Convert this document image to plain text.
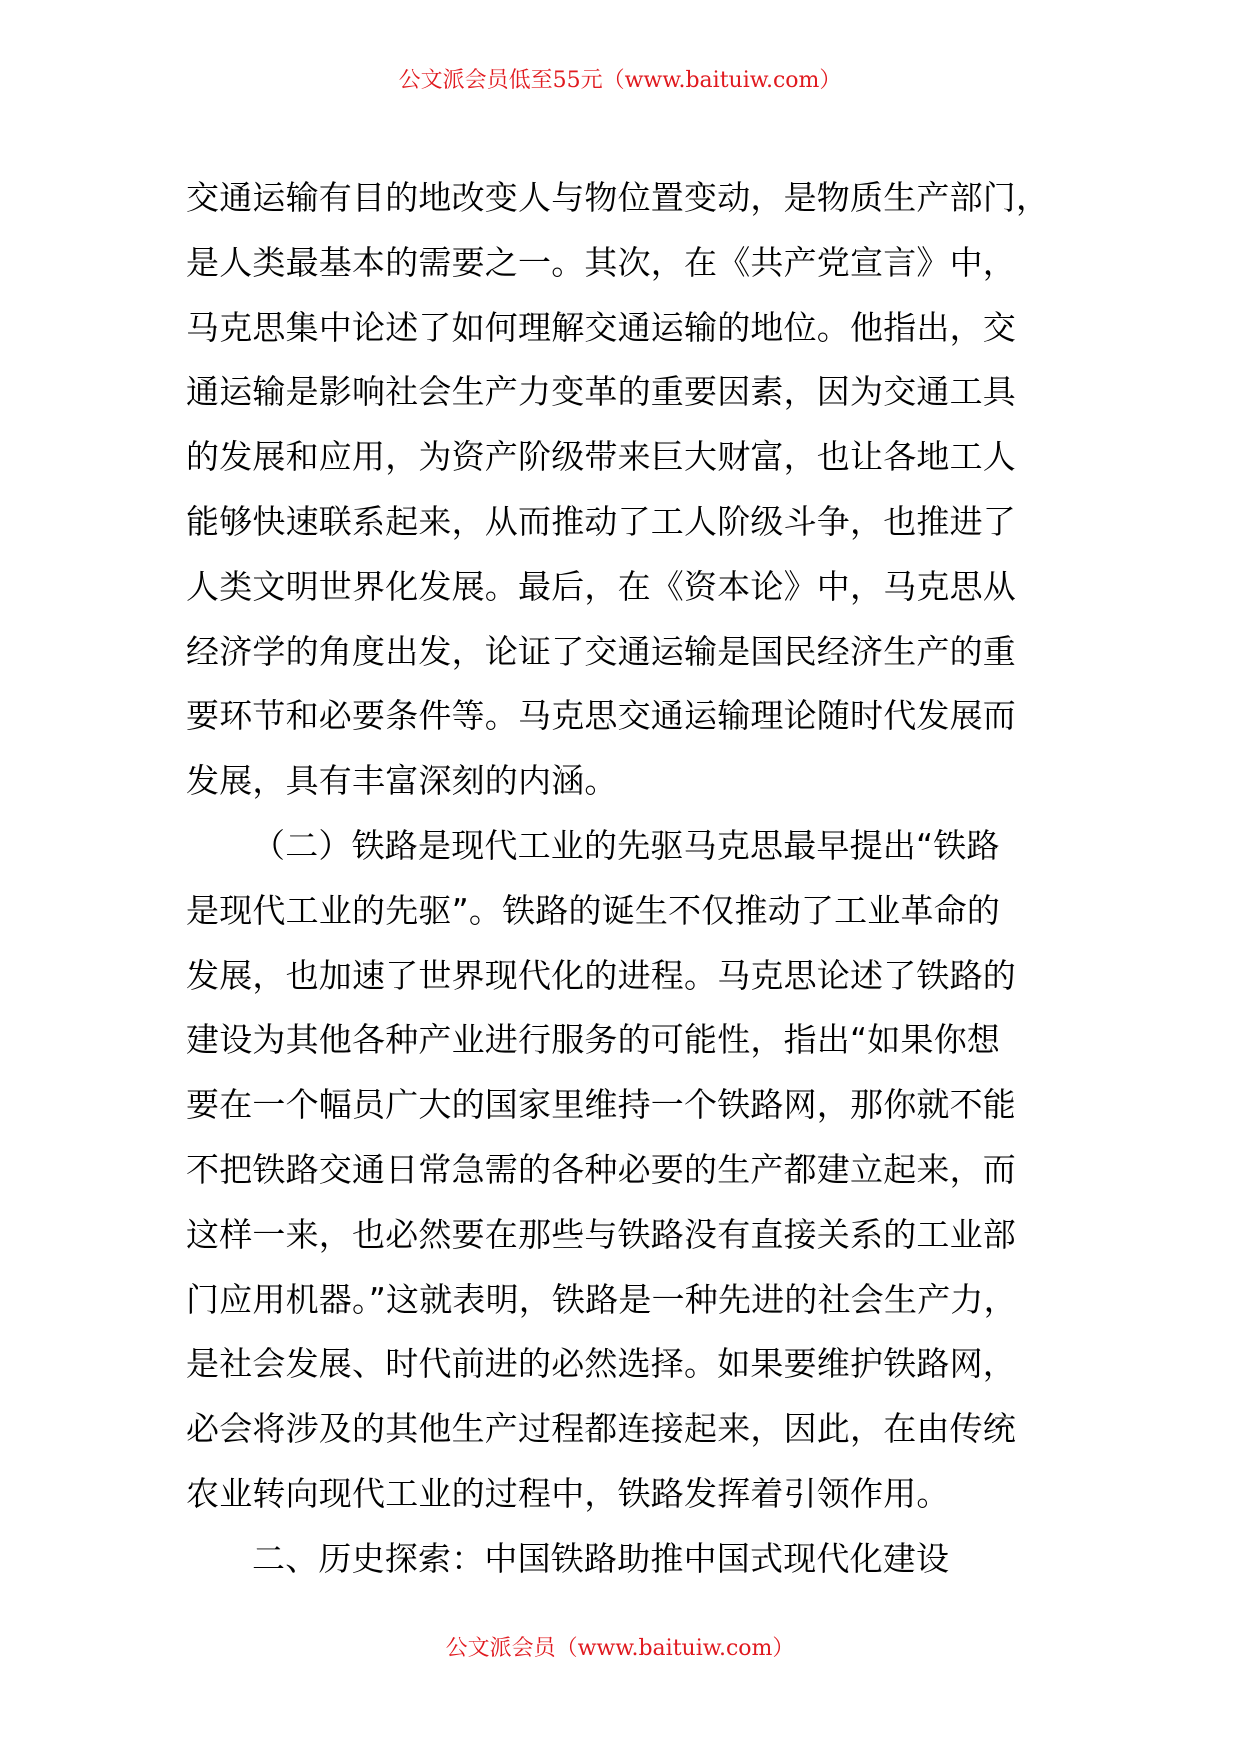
公文派会员低至55元（www.baituiw.com）
交通运输有目的地改变人与物位置变动，是物质生产部门，
是人类最基本的需要之一。其次，在《共产党宣言》中，
马克思集中论述了如何理解交通运输的地位。他指出，交
通运输是影响社会生产力变革的重要因素，因为交通工具
的发展和应用，为资产阶级带来巨大财富，也让各地工人
能够快速联系起来，从而推动了工人阶级斗争，也推进了
人类文明世界化发展。最后，在《资本论》中，马克思从
经济学的角度出发，论证了交通运输是国民经济生产的重
要环节和必要条件等。马克思交通运输理论随时代发展而
发展，具有丰富深刻的内涵。
（二）铁路是现代工业的先驱马克思最早提出“铁路
是现代工业的先驱”。铁路的诞生不仅推动了工业革命的
发展，也加速了世界现代化的进程。马克思论述了铁路的
建设为其他各种产业进行服务的可能性，指出“如果你想
要在一个幅员广大的国家里维持一个铁路网，那你就不能
不把铁路交通日常急需的各种必要的生产都建立起来，而
这样一来，也必然要在那些与铁路没有直接关系的工业部
门应用机器。”这就表明，铁路是一种先进的社会生产力，
是社会发展、时代前进的必然选择。如果要维护铁路网，
必会将涉及的其他生产过程都连接起来，因此，在由传统
农业转向现代工业的过程中，铁路发挥着引领作用。
二、历史探索：中国铁路助推中国式现代化建设
公文派会员（www.baituiw.com）
